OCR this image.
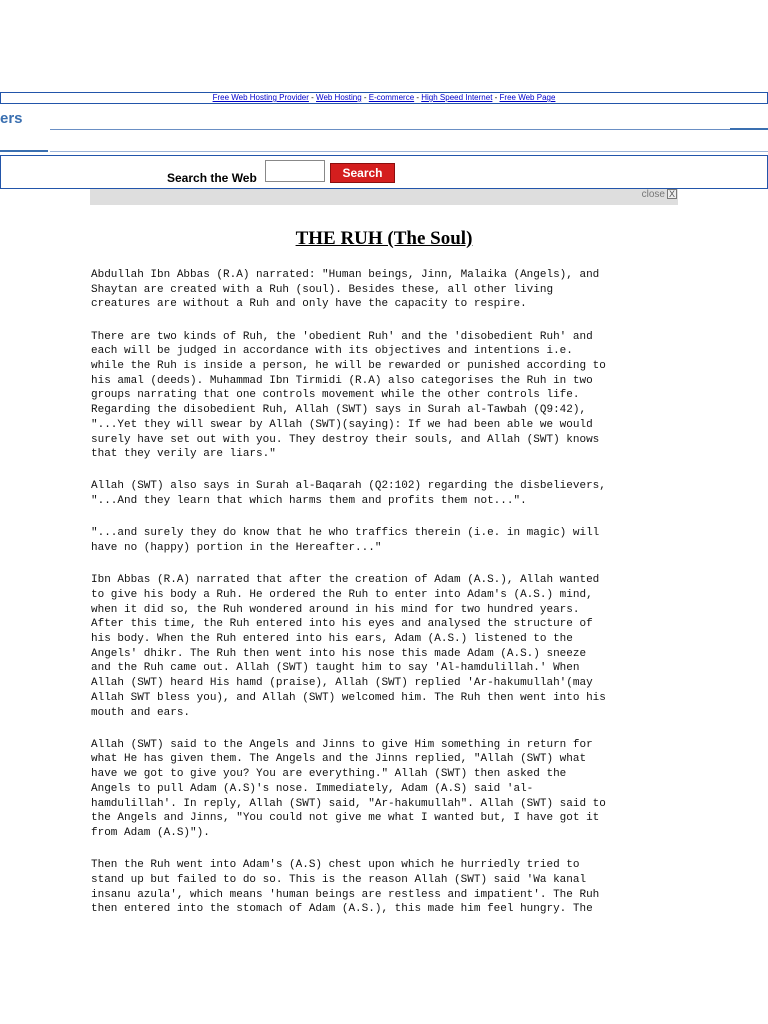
Free Web Hosting Provider - Web Hosting - E-commerce - High Speed Internet - Free Web Page
ers
Search the Web	Search
close X
THE RUH (The Soul)

Abdullah Ibn Abbas (R.A) narrated: "Human beings, Jinn, Malaika (Angels), and
Shaytan are created with a Ruh (soul). Besides these, all other living
creatures are without a Ruh and only have the capacity to respire.

There are two kinds of Ruh, the 'obedient Ruh' and the 'disobedient Ruh' and
each will be judged in accordance with its objectives and intentions i.e.
while the Ruh is inside a person, he will be rewarded or punished according to
his amal (deeds). Muhammad Ibn Tirmidi (R.A) also categorises the Ruh in two
groups narrating that one controls movement while the other controls life.
Regarding the disobedient Ruh, Allah (SWT) says in Surah al-Tawbah (Q9:42),
"...Yet they will swear by Allah (SWT)(saying): If we had been able we would
surely have set out with you. They destroy their souls, and Allah (SWT) knows
that they verily are liars."

Allah (SWT) also says in Surah al-Baqarah (Q2:102) regarding the disbelievers,
"...And they learn that which harms them and profits them not...".

"...and surely they do know that he who traffics therein (i.e. in magic) will
have no (happy) portion in the Hereafter..."

Ibn Abbas (R.A) narrated that after the creation of Adam (A.S.), Allah wanted
to give his body a Ruh. He ordered the Ruh to enter into Adam's (A.S.) mind,
when it did so, the Ruh wondered around in his mind for two hundred years.
After this time, the Ruh entered into his eyes and analysed the structure of
his body. When the Ruh entered into his ears, Adam (A.S.) listened to the
Angels' dhikr. The Ruh then went into his nose this made Adam (A.S.) sneeze
and the Ruh came out. Allah (SWT) taught him to say 'Al-hamdulillah.' When
Allah (SWT) heard His hamd (praise), Allah (SWT) replied 'Ar-hakumullah'(may
Allah SWT bless you), and Allah (SWT) welcomed him. The Ruh then went into his
mouth and ears.

Allah (SWT) said to the Angels and Jinns to give Him something in return for
what He has given them. The Angels and the Jinns replied, "Allah (SWT) what
have we got to give you? You are everything." Allah (SWT) then asked the
Angels to pull Adam (A.S)'s nose. Immediately, Adam (A.S) said 'al-
hamdulillah'. In reply, Allah (SWT) said, "Ar-hakumullah". Allah (SWT) said to
the Angels and Jinns, "You could not give me what I wanted but, I have got it
from Adam (A.S)").

Then the Ruh went into Adam's (A.S) chest upon which he hurriedly tried to
stand up but failed to do so. This is the reason Allah (SWT) said 'Wa kanal
insanu azula', which means 'human beings are restless and impatient'. The Ruh
then entered into the stomach of Adam (A.S.), this made him feel hungry. The
